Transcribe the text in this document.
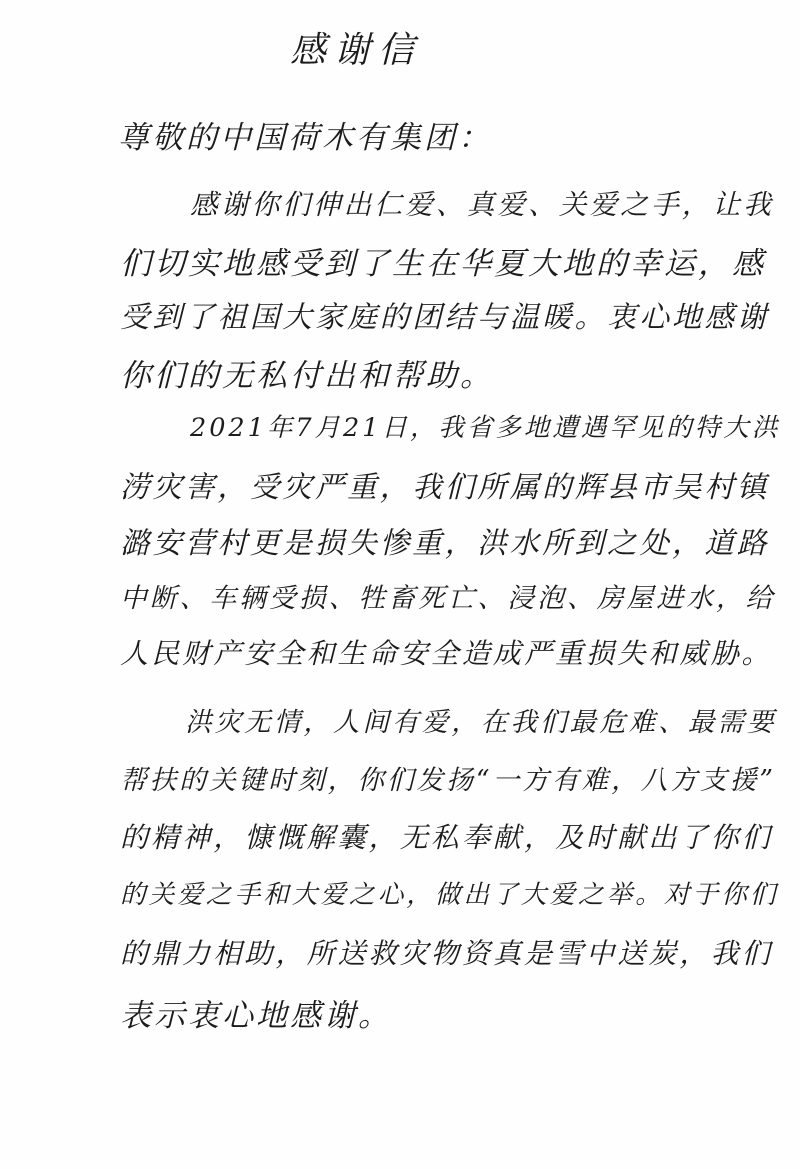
感谢信
尊敬的中国荷木有集团：
感谢你们伸出仁爱、真爱、关爱之手，让我
们切实地感受到了生在华夏大地的幸运，感
受到了祖国大家庭的团结与温暖。衷心地感谢
你们的无私付出和帮助。
2021年7月21日，我省多地遭遇罕见的特大洪
涝灾害，受灾严重，我们所属的辉县市吴村镇
潞安营村更是损失惨重，洪水所到之处，道路
中断、车辆受损、牲畜死亡、浸泡、房屋进水，给
人民财产安全和生命安全造成严重损失和威胁。
洪灾无情，人间有爱，在我们最危难、最需要
帮扶的关键时刻，你们发扬“一方有难，八方支援”
的精神，慷慨解囊，无私奉献，及时献出了你们
的关爱之手和大爱之心，做出了大爱之举。对于你们
的鼎力相助，所送救灾物资真是雪中送炭，我们
表示衷心地感谢。
